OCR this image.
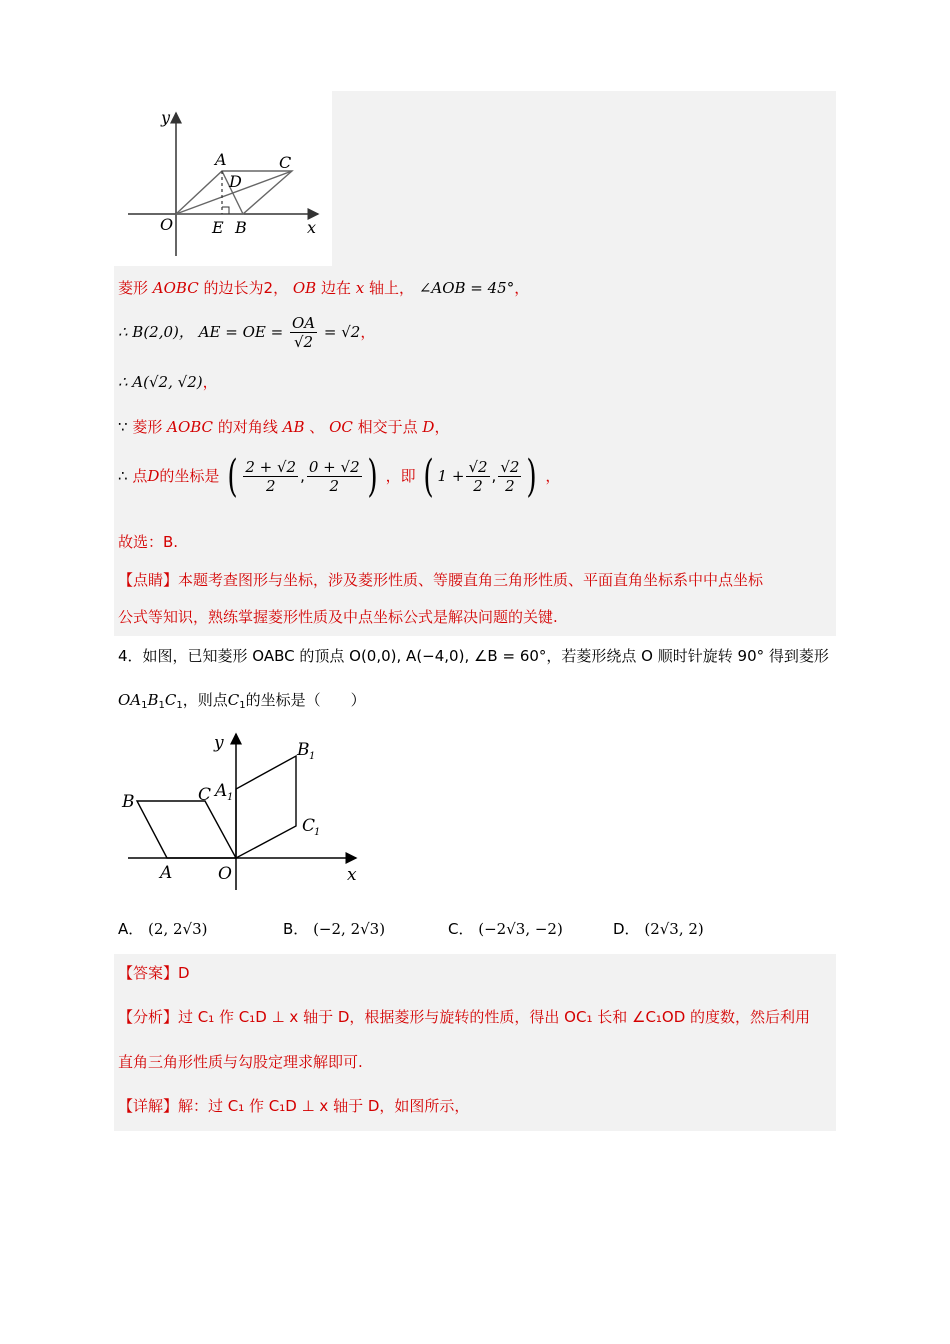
y
x
O E B
A	C
D
菱形 AOBC 的边长为2， OB 边在 x 轴上， ∠AOB = 45°，
∴ B(2,0)， AE = OE = $\frac{OA}{√2} = √2$，
∴ A(√2, √2)，
∵ 菱形 AOBC 的对角线 AB 、 OC 相交于点 D，
∴ 点D的坐标是 ( $\frac{2 + √2}{2}$ , $\frac{0 + √2}{2}$ ) ，即 ( $1 + \frac{√2}{2}$ , $\frac{√2}{2}$ ) ，
故选：B.
【点睛】本题考查图形与坐标，涉及菱形性质、等腰直角三角形性质、平面直角坐标系中中点坐标
公式等知识，熟练掌握菱形性质及中点坐标公式是解决问题的关键.
4．如图，已知菱形 OABC 的顶点 O(0,0), A(−4,0), ∠B = 60°，若菱形绕点 O 顺时针旋转 90° 得到菱形
$OA_1B_1C_1$，则点$C_1$的坐标是（　　）
y
x
O
A
B	C A 1
B 1
C
1
A． (2, 2√3)	B． (−2, 2√3)	C． (−2√3, −2)	D． (2√3, 2)
【答案】D
【分析】过 C₁ 作 C₁D ⊥ x 轴于 D，根据菱形与旋转的性质，得出 OC₁ 长和 ∠C₁OD 的度数，然后利用
直角三角形性质与勾股定理求解即可.
【详解】解：过 C₁ 作 C₁D ⊥ x 轴于 D，如图所示，
